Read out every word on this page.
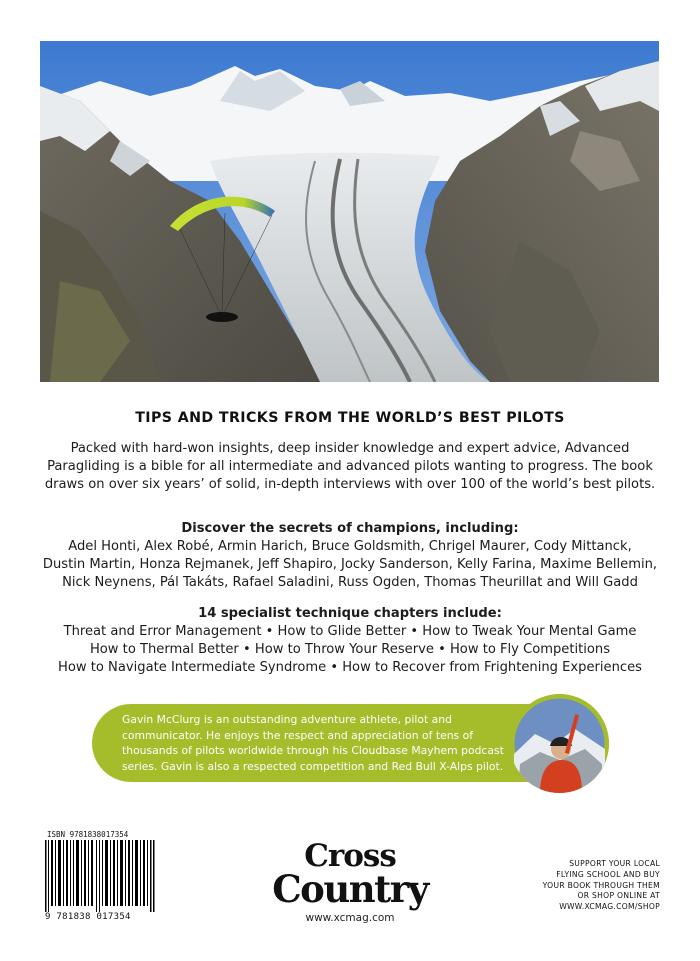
TIPS AND TRICKS FROM THE WORLD’S BEST PILOTS
Packed with hard-won insights, deep insider knowledge and expert advice, Advanced
Paragliding is a bible for all intermediate and advanced pilots wanting to progress. The book
draws on over six years’ of solid, in-depth interviews with over 100 of the world’s best pilots.
Discover the secrets of champions, including:
Adel Honti, Alex Robé, Armin Harich, Bruce Goldsmith, Chrigel Maurer, Cody Mittanck,
Dustin Martin, Honza Rejmanek, Jeff Shapiro, Jocky Sanderson, Kelly Farina, Maxime Bellemin,
Nick Neynens, Pál Takáts, Rafael Saladini, Russ Ogden, Thomas Theurillat and Will Gadd
14 specialist technique chapters include:
Threat and Error Management • How to Glide Better • How to Tweak Your Mental Game
How to Thermal Better • How to Throw Your Reserve • How to Fly Competitions
How to Navigate Intermediate Syndrome • How to Recover from Frightening Experiences
Gavin McClurg is an outstanding adventure athlete, pilot and
communicator. He enjoys the respect and appreciation of tens of
thousands of pilots worldwide through his Cloudbase Mayhem podcast
series. Gavin is also a respected competition and Red Bull X-Alps pilot.
ISBN 9781838017354
9 781838 017354
Cross
Country
www.xcmag.com
SUPPORT YOUR LOCAL
FLYING SCHOOL AND BUY
YOUR BOOK THROUGH THEM
OR SHOP ONLINE AT
WWW.XCMAG.COM/SHOP
